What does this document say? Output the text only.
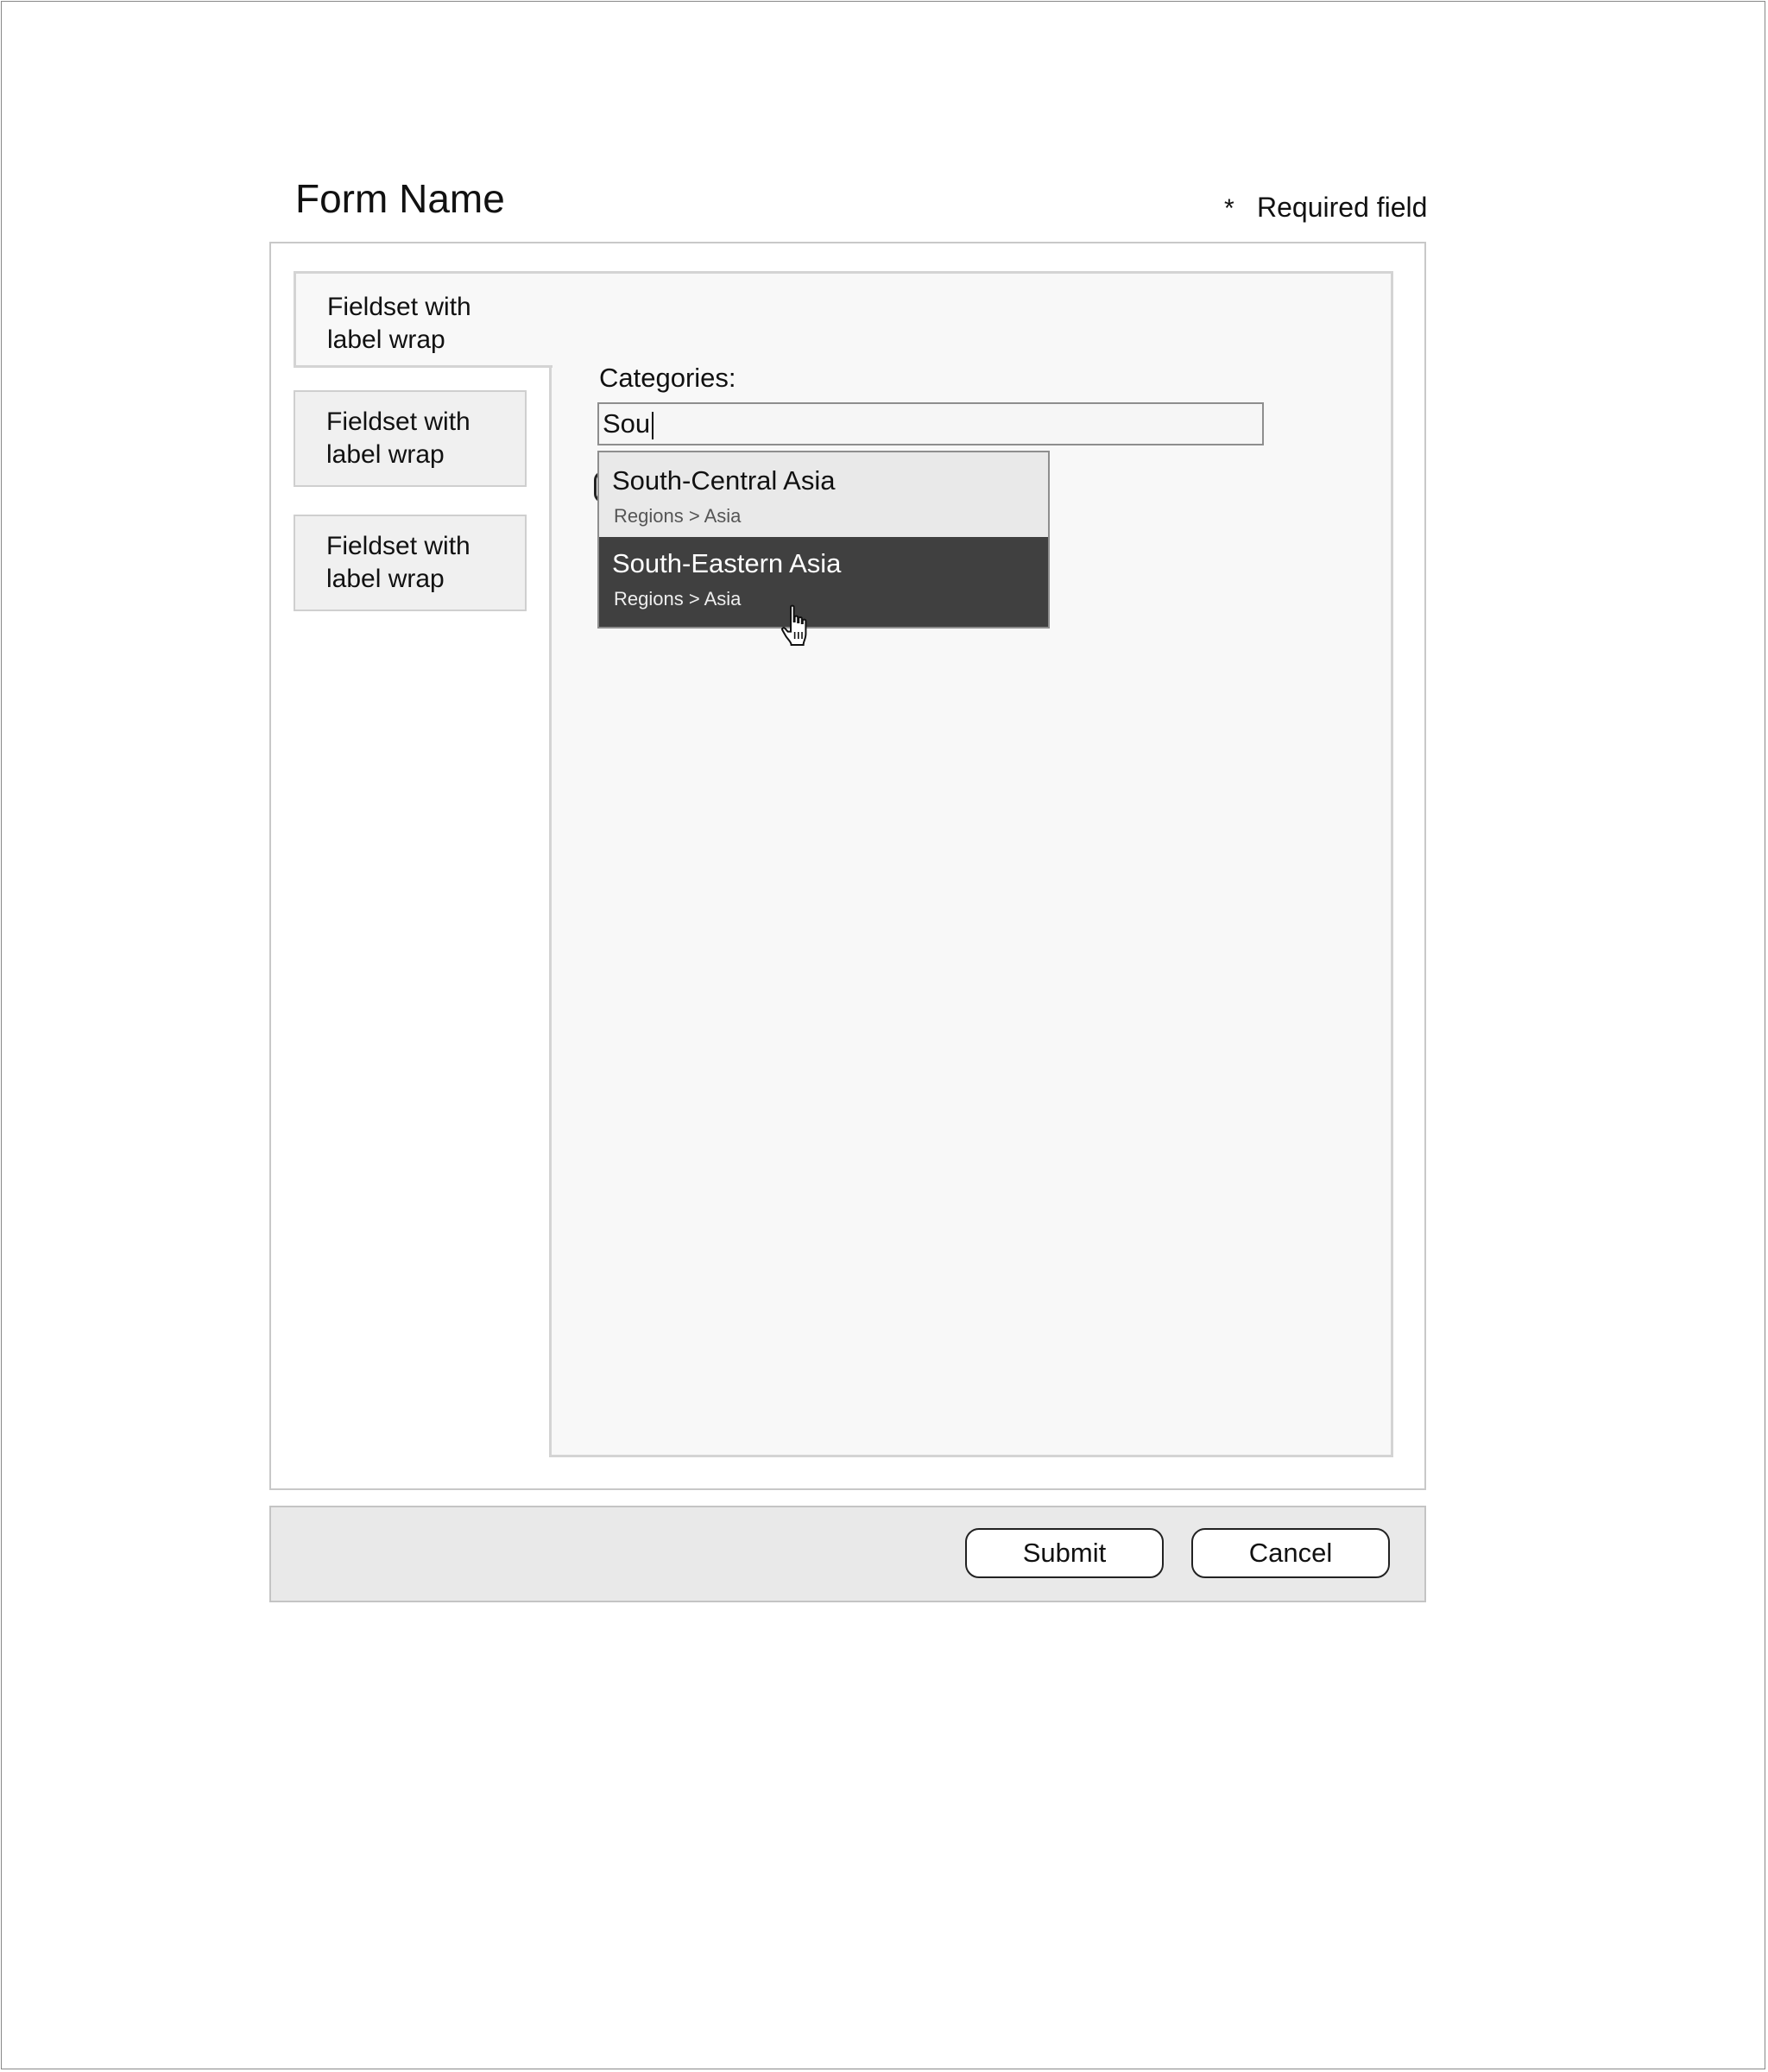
Form Name	* Required field
Fieldset with
label wrap
Fieldset with
label wrap
Fieldset with
label wrap
Categories:
Sou
South-Central Asia
Regions > Asia
South-Eastern Asia
Regions > Asia
Submit	Cancel
